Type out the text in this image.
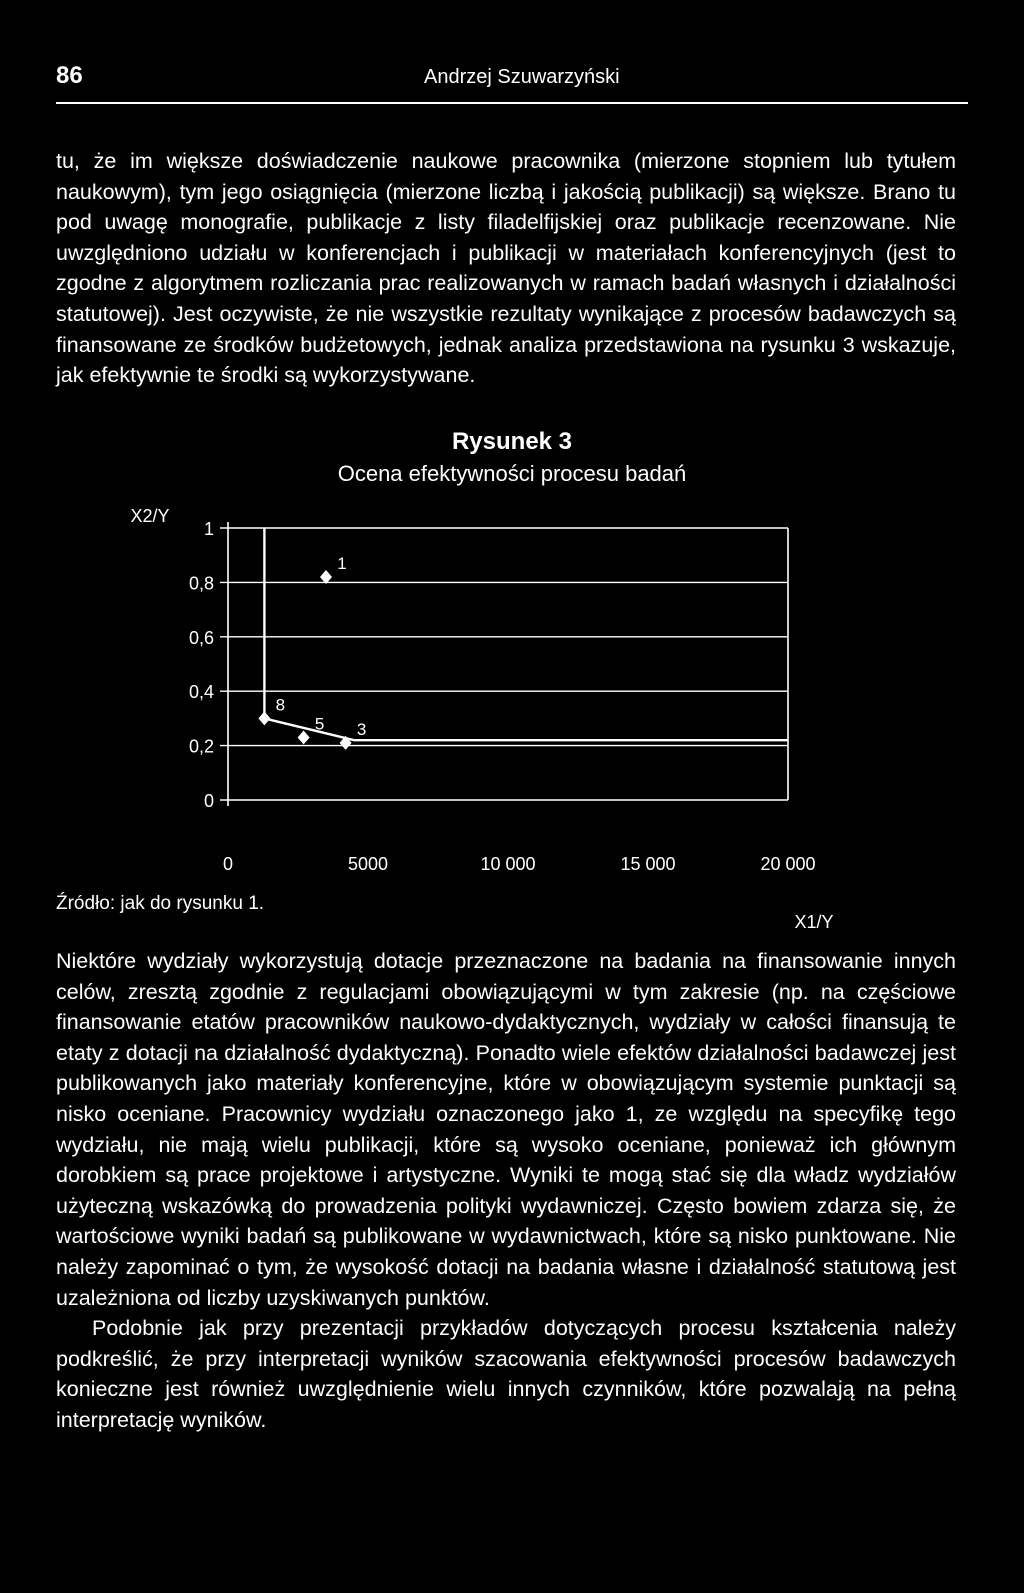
86	Andrzej Szuwarzyński

tu, że im większe doświadczenie naukowe pracownika (mierzone stopniem lub tytułem naukowym), tym jego osiągnięcia (mierzone liczbą i jakością publikacji) są większe. Brano tu pod uwagę monografie, publikacje z listy filadelfijskiej oraz publikacje recenzowane. Nie uwzględniono udziału w konferencjach i publikacji w materiałach konferencyjnych (jest to zgodne z algorytmem rozliczania prac realizowanych w ramach badań własnych i działalności statutowej). Jest oczywiste, że nie wszystkie rezultaty wynikające z procesów badawczych są finansowane ze środków budżetowych, jednak analiza przedstawiona na rysunku 3 wskazuje, jak efektywnie te środki są wykorzystywane.

Rysunek 3
Ocena efektywności procesu badań
0
0,2
0,4
0,6
0,8
1
0	5000	10 000	15 000	20 000
X2/Y
X1/Y
1
8
5 3
Źródło: jak do rysunku 1.

Niektóre wydziały wykorzystują dotacje przeznaczone na badania na finansowanie innych celów, zresztą zgodnie z regulacjami obowiązującymi w tym zakresie (np. na częściowe finansowanie etatów pracowników naukowo-dydaktycznych, wydziały w całości finansują te etaty z dotacji na działalność dydaktyczną). Ponadto wiele efektów działalności badawczej jest publikowanych jako materiały konferencyjne, które w obowiązującym systemie punktacji są nisko oceniane. Pracownicy wydziału oznaczonego jako 1, ze względu na specyfikę tego wydziału, nie mają wielu publikacji, które są wysoko oceniane, ponieważ ich głównym dorobkiem są prace projektowe i artystyczne. Wyniki te mogą stać się dla władz wydziałów użyteczną wskazówką do prowadzenia polityki wydawniczej. Często bowiem zdarza się, że wartościowe wyniki badań są publikowane w wydawnictwach, które są nisko punktowane. Nie należy zapominać o tym, że wysokość dotacji na badania własne i działalność statutową jest uzależniona od liczby uzyskiwanych punktów.

Podobnie jak przy prezentacji przykładów dotyczących procesu kształcenia należy podkreślić, że przy interpretacji wyników szacowania efektywności procesów badawczych konieczne jest również uwzględnienie wielu innych czynników, które pozwalają na pełną interpretację wyników.
